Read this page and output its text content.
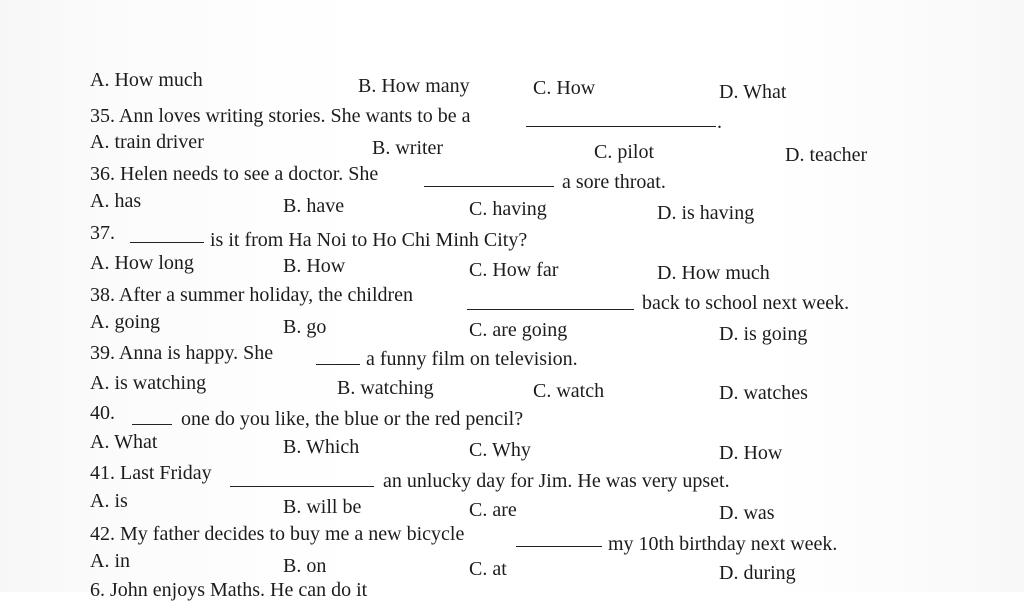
A. How much	B. How many	C. How	D. What
35. Ann loves writing stories. She wants to be a	.
A. train driver	B. writer	C. pilot	D. teacher
36. Helen needs to see a doctor. She	a sore throat.
A. has	B. have	C. having	D. is having
37.	is it from Ha Noi to Ho Chi Minh City?
A. How long	B. How	C. How far	D. How much
38. After a summer holiday, the children	back to school next week.
A. going	B. go	C. are going	D. is going
39. Anna is happy. She	a funny film on television.
A. is watching	B. watching	C. watch	D. watches
40.	one do you like, the blue or the red pencil?
A. What	B. Which	C. Why	D. How
41. Last Friday	an unlucky day for Jim. He was very upset.
A. is	B. will be	C. are	D. was
42. My father decides to buy me a new bicycle	my 10th birthday next week.
A. in	B. on	C. at	D. during
6. John enjoys Maths. He can do it
